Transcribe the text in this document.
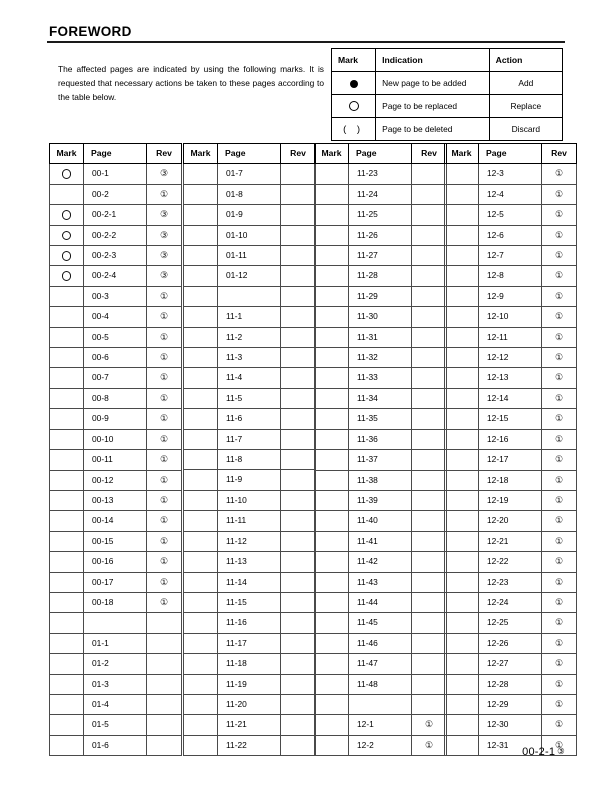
FOREWORD

The affected pages are indicated by using the following marks. It is requested that necessary actions be taken to these pages according to the table below.

Mark	Indication	Action
	New page to be added	Add
	Page to be replaced	Replace
( )	Page to be deleted	Discard
Mark	Page	Rev
	00-1	③
	00-2	①
	00-2-1	③
	00-2-2	③
	00-2-3	③
	00-2-4	③
	00-3	①
	00-4	①
	00-5	①
	00-6	①
	00-7	①
	00-8	①
	00-9	①
	00-10	①
	00-11	①
	00-12	①
	00-13	①
	00-14	①
	00-15	①
	00-16	①
	00-17	①
	00-18	①

	01-1	
	01-2	
	01-3	
	01-4	
	01-5	
	01-6	
Mark	Page	Rev
	01-7	
	01-8	
	01-9	
	01-10	
	01-11	
	01-12	

	11-1	
	11-2	
	11-3	
	11-4	
	11-5	
	11-6	
	11-7	
	11-8	
	11-9	
	11-10	
	11-11	
	11-12	
	11-13	
	11-14	
	11-15	
	11-16	
	11-17	
	11-18	
	11-19	
	11-20	
	11-21	
	11-22	
Mark	Page	Rev
	11-23	
	11-24	
	11-25	
	11-26	
	11-27	
	11-28	
	11-29	
	11-30	
	11-31	
	11-32	
	11-33	
	11-34	
	11-35	
	11-36	
	11-37	
	11-38	
	11-39	
	11-40	
	11-41	
	11-42	
	11-43	
	11-44	
	11-45	
	11-46	
	11-47	
	11-48	

	12-1	①
	12-2	①
Mark	Page	Rev
	12-3	①
	12-4	①
	12-5	①
	12-6	①
	12-7	①
	12-8	①
	12-9	①
	12-10	①
	12-11	①
	12-12	①
	12-13	①
	12-14	①
	12-15	①
	12-16	①
	12-17	①
	12-18	①
	12-19	①
	12-20	①
	12-21	①
	12-22	①
	12-23	①
	12-24	①
	12-25	①
	12-26	①
	12-27	①
	12-28	①
	12-29	①
	12-30	①
	12-31	①
00-2-1 ③
